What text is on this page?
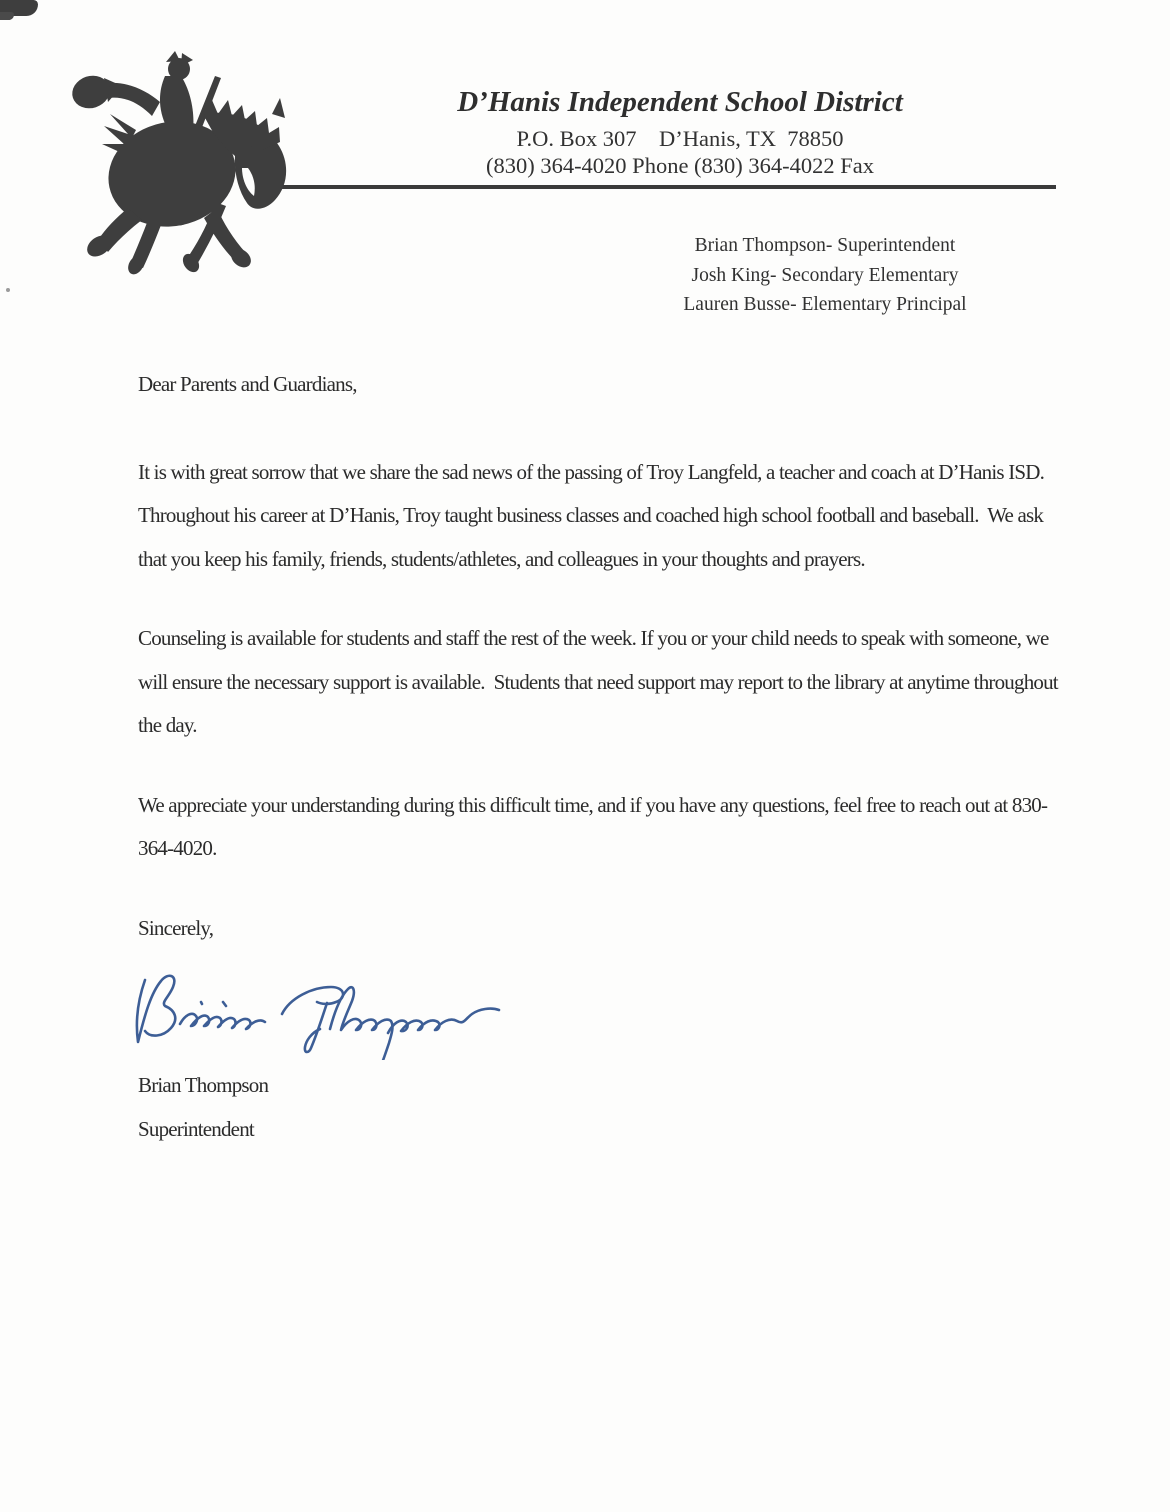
D’Hanis Independent School District
P.O. Box 307    D’Hanis, TX  78850
(830) 364-4020 Phone (830) 364-4022 Fax
Brian Thompson- Superintendent
Josh King- Secondary Elementary
Lauren Busse- Elementary Principal

Dear Parents and Guardians,

It is with great sorrow that we share the sad news of the passing of Troy Langfeld, a teacher and coach at D’Hanis ISD. Throughout his career at D’Hanis, Troy taught business classes and coached high school football and baseball.  We ask that you keep his family, friends, students/athletes, and colleagues in your thoughts and prayers.

Counseling is available for students and staff the rest of the week. If you or your child needs to speak with someone, we will ensure the necessary support is available.  Students that need support may report to the library at anytime throughout the day.

We appreciate your understanding during this difficult time, and if you have any questions, feel free to reach out at 830-364-4020.

Sincerely,

Brian Thompson

Superintendent
